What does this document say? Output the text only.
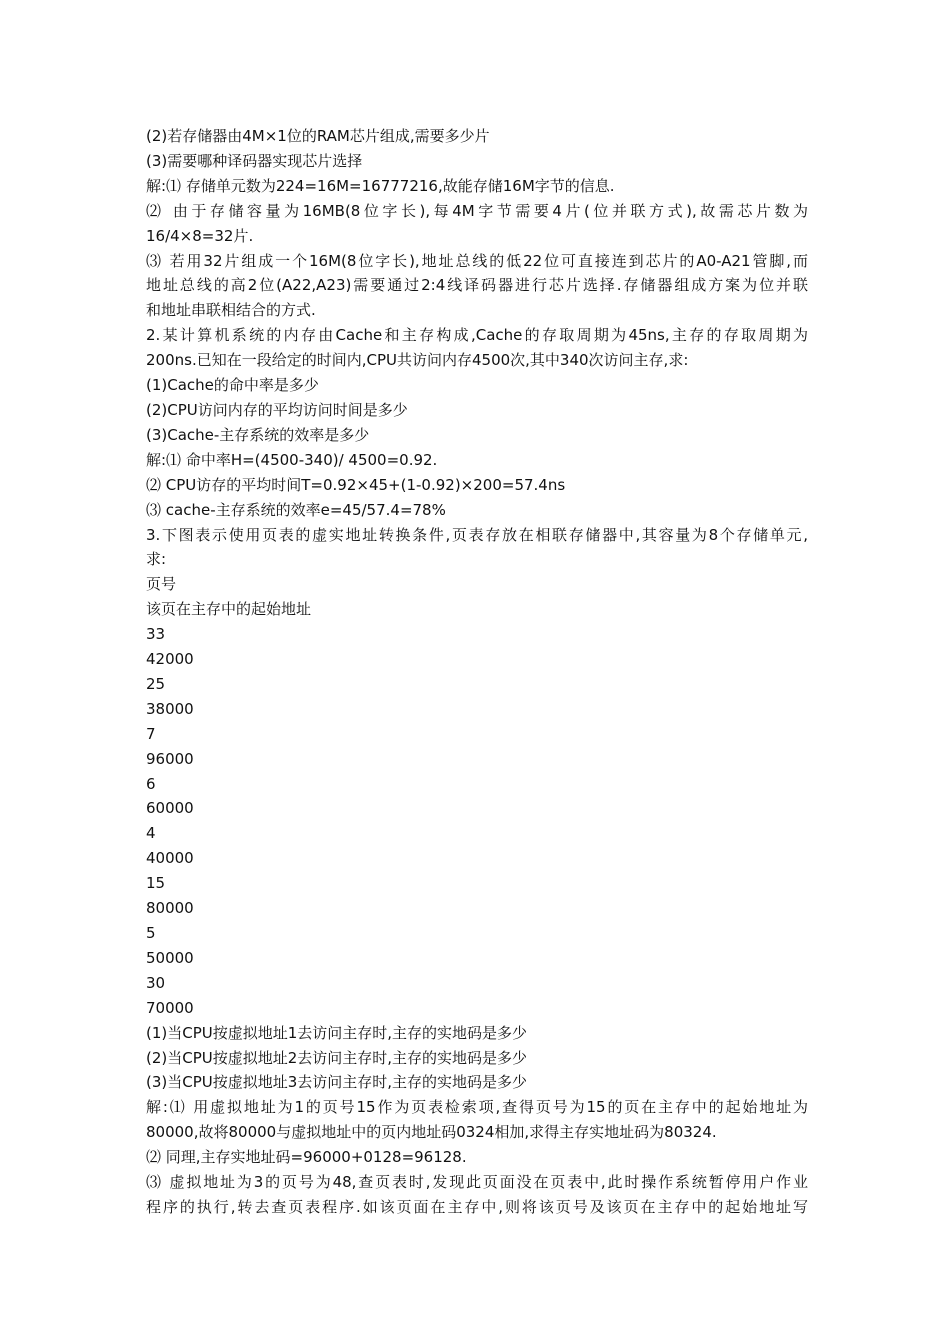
(2)若存储器由4M×1位的RAM芯片组成,需要多少片

(3)需要哪种译码器实现芯片选择

解:⑴ 存储单元数为224=16M=16777216,故能存储16M字节的信息.

⑵ 由于存储容量为16MB(8位字长),每4M字节需要4片(位并联方式),故需芯片数为

16/4×8=32片.

⑶ 若用32片组成一个16M(8位字长),地址总线的低22位可直接连到芯片的A0-A21管脚,而

地址总线的高2位(A22,A23)需要通过2:4线译码器进行芯片选择.存储器组成方案为位并联

和地址串联相结合的方式.

2.某计算机系统的内存由Cache和主存构成,Cache的存取周期为45ns,主存的存取周期为

200ns.已知在一段给定的时间内,CPU共访问内存4500次,其中340次访问主存,求:

(1)Cache的命中率是多少

(2)CPU访问内存的平均访问时间是多少

(3)Cache-主存系统的效率是多少

解:⑴ 命中率H=(4500-340)/ 4500=0.92.

⑵ CPU访存的平均时间T=0.92×45+(1-0.92)×200=57.4ns

⑶ cache-主存系统的效率e=45/57.4=78%

3.下图表示使用页表的虚实地址转换条件,页表存放在相联存储器中,其容量为8个存储单元,

求:

页号

该页在主存中的起始地址

33

42000

25

38000

7

96000

6

60000

4

40000

15

80000

5

50000

30

70000

(1)当CPU按虚拟地址1去访问主存时,主存的实地码是多少

(2)当CPU按虚拟地址2去访问主存时,主存的实地码是多少

(3)当CPU按虚拟地址3去访问主存时,主存的实地码是多少

解:⑴ 用虚拟地址为1的页号15作为页表检索项,查得页号为15的页在主存中的起始地址为

80000,故将80000与虚拟地址中的页内地址码0324相加,求得主存实地址码为80324.

⑵ 同理,主存实地址码=96000+0128=96128.

⑶ 虚拟地址为3的页号为48,查页表时,发现此页面没在页表中,此时操作系统暂停用户作业

程序的执行,转去查页表程序.如该页面在主存中,则将该页号及该页在主存中的起始地址写
